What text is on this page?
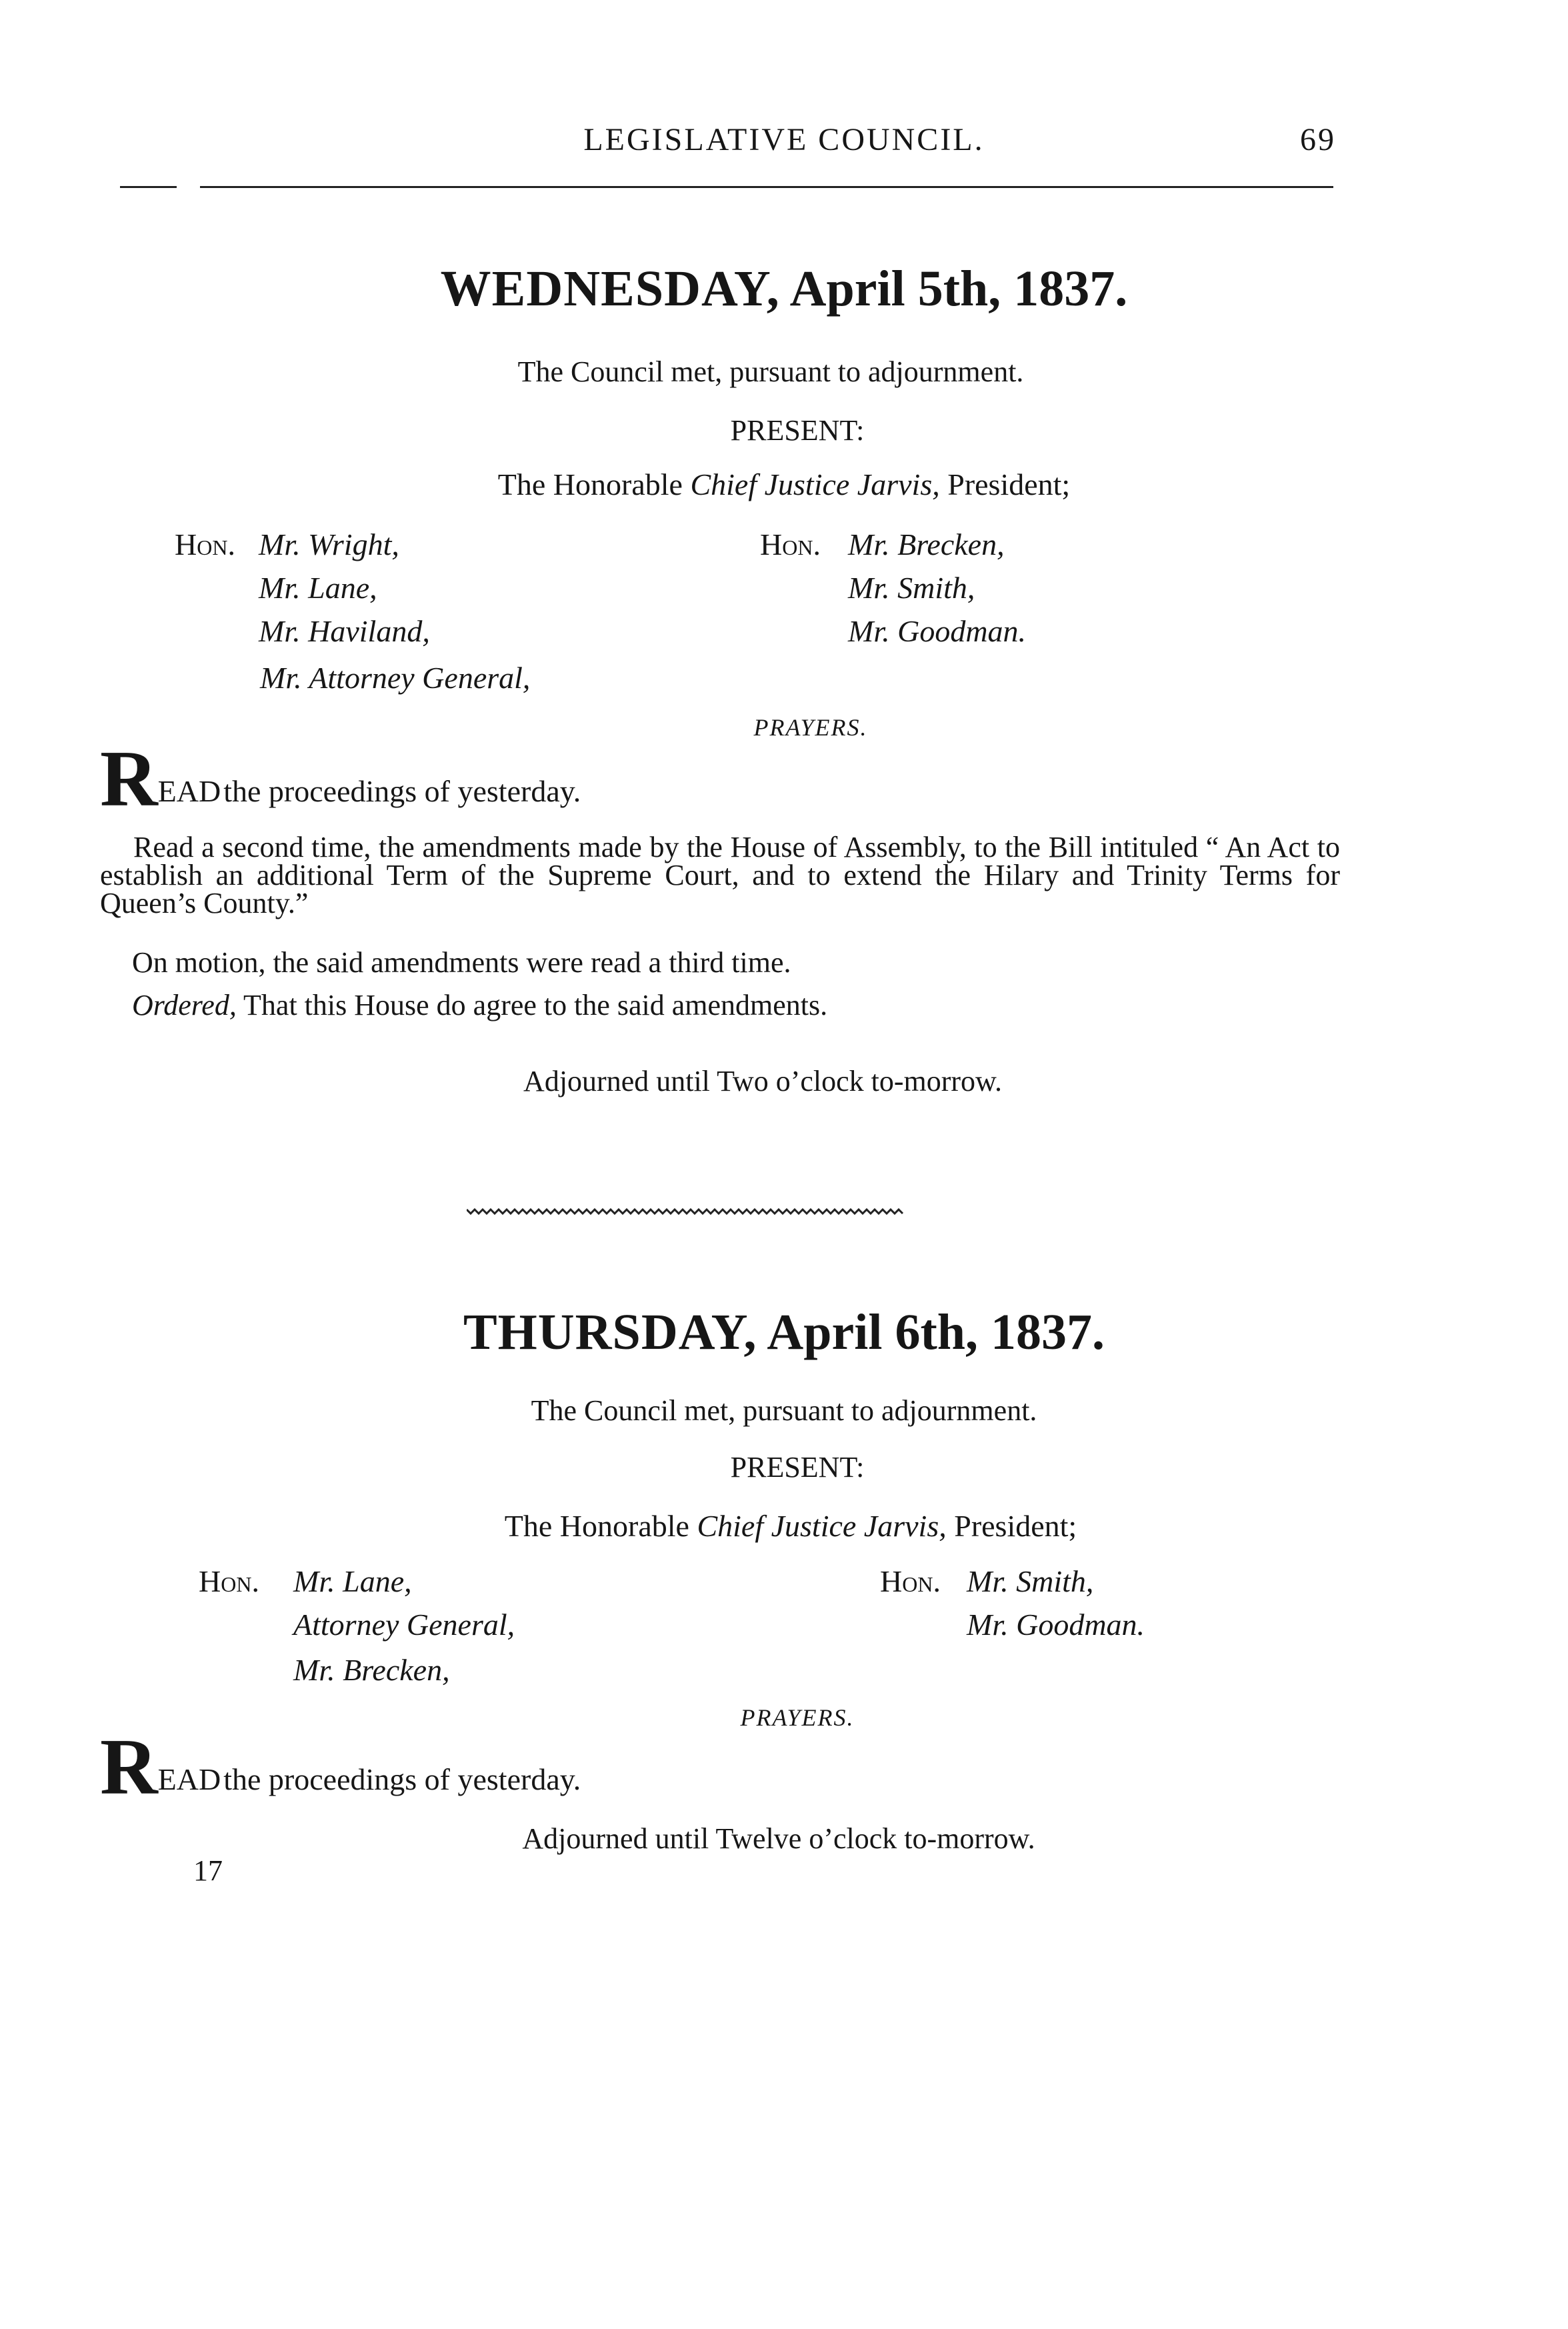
LEGISLATIVE COUNCIL.	69
WEDNESDAY, April 5th, 1837.
The Council met, pursuant to adjournment.
PRESENT:
The Honorable Chief Justice Jarvis, President;
Hon. Mr. Wright,
Mr. Lane,
Mr. Haviland,
Mr. Attorney General,
Hon. Mr. Brecken,
Mr. Smith,
Mr. Goodman.
PRAYERS.
READ the proceedings of yesterday.
Read a second time, the amendments made by the House of Assembly, to the Bill intituled “ An Act to establish an additional Term of the Supreme Court, and to extend the Hilary and Trinity Terms for Queen’s County.”
On motion, the said amendments were read a third time.
Ordered, That this House do agree to the said amendments.
Adjourned until Two o’clock to-morrow.
THURSDAY, April 6th, 1837.
The Council met, pursuant to adjournment.
PRESENT:
The Honorable Chief Justice Jarvis, President;
Hon. Mr. Lane,
Attorney General,
Mr. Brecken,
Hon. Mr. Smith,
Mr. Goodman.
PRAYERS.
READ the proceedings of yesterday.
Adjourned until Twelve o’clock to-morrow.
17
